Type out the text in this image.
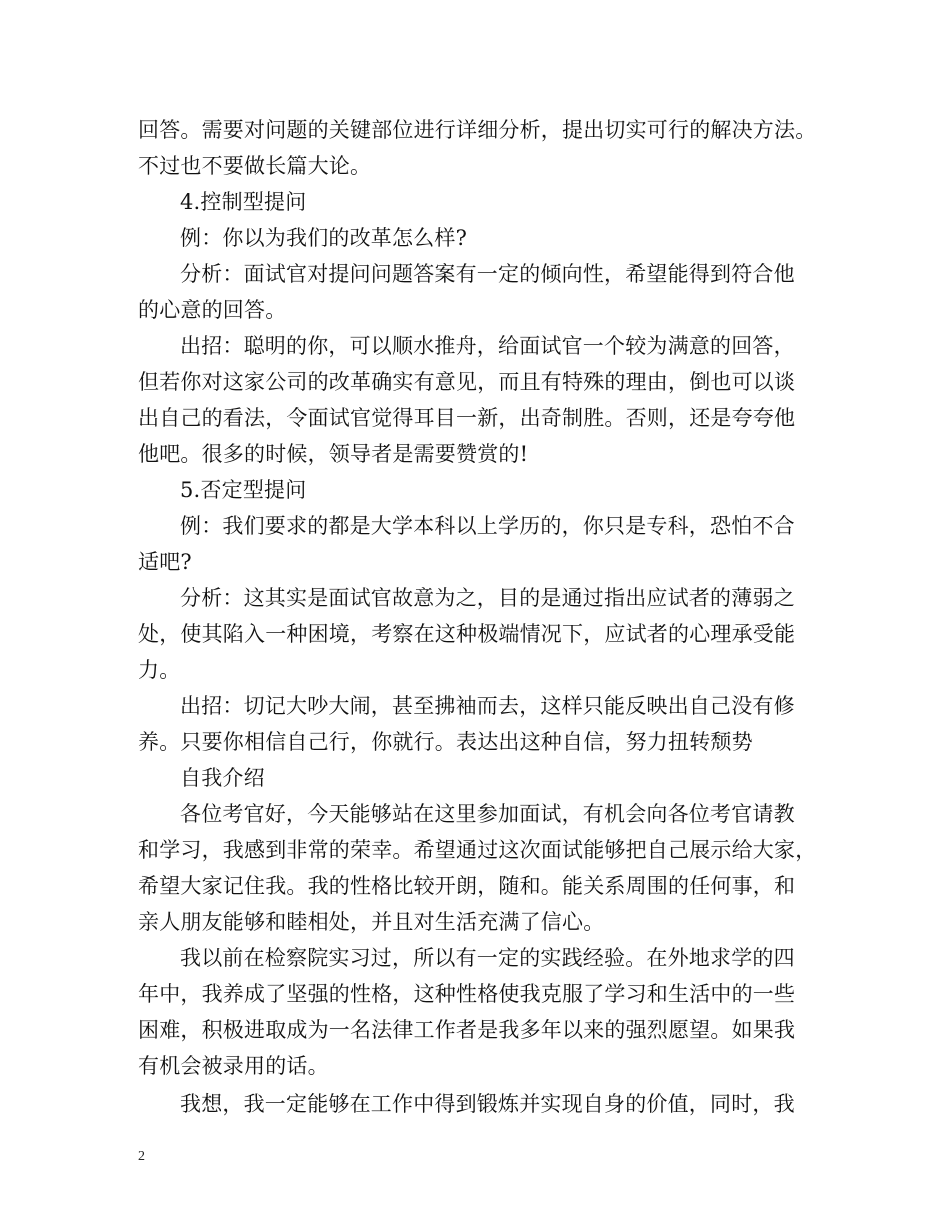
回答。需要对问题的关键部位进行详细分析，提出切实可行的解决方法。
不过也不要做长篇大论。
4.控制型提问
例：你以为我们的改革怎么样?
分析：面试官对提问问题答案有一定的倾向性，希望能得到符合他
的心意的回答。
出招：聪明的你，可以顺水推舟，给面试官一个较为满意的回答，
但若你对这家公司的改革确实有意见，而且有特殊的理由，倒也可以谈
出自己的看法，令面试官觉得耳目一新，出奇制胜。否则，还是夸夸他
他吧。很多的时候，领导者是需要赞赏的!
5.否定型提问
例：我们要求的都是大学本科以上学历的，你只是专科，恐怕不合
适吧?
分析：这其实是面试官故意为之，目的是通过指出应试者的薄弱之
处，使其陷入一种困境，考察在这种极端情况下，应试者的心理承受能
力。
出招：切记大吵大闹，甚至拂袖而去，这样只能反映出自己没有修
养。只要你相信自己行，你就行。表达出这种自信，努力扭转颓势
自我介绍
各位考官好，今天能够站在这里参加面试，有机会向各位考官请教
和学习，我感到非常的荣幸。希望通过这次面试能够把自己展示给大家，
希望大家记住我。我的性格比较开朗，随和。能关系周围的任何事，和
亲人朋友能够和睦相处，并且对生活充满了信心。
我以前在检察院实习过，所以有一定的实践经验。在外地求学的四
年中，我养成了坚强的性格，这种性格使我克服了学习和生活中的一些
困难，积极进取成为一名法律工作者是我多年以来的强烈愿望。如果我
有机会被录用的话。
我想，我一定能够在工作中得到锻炼并实现自身的价值，同时，我
2
